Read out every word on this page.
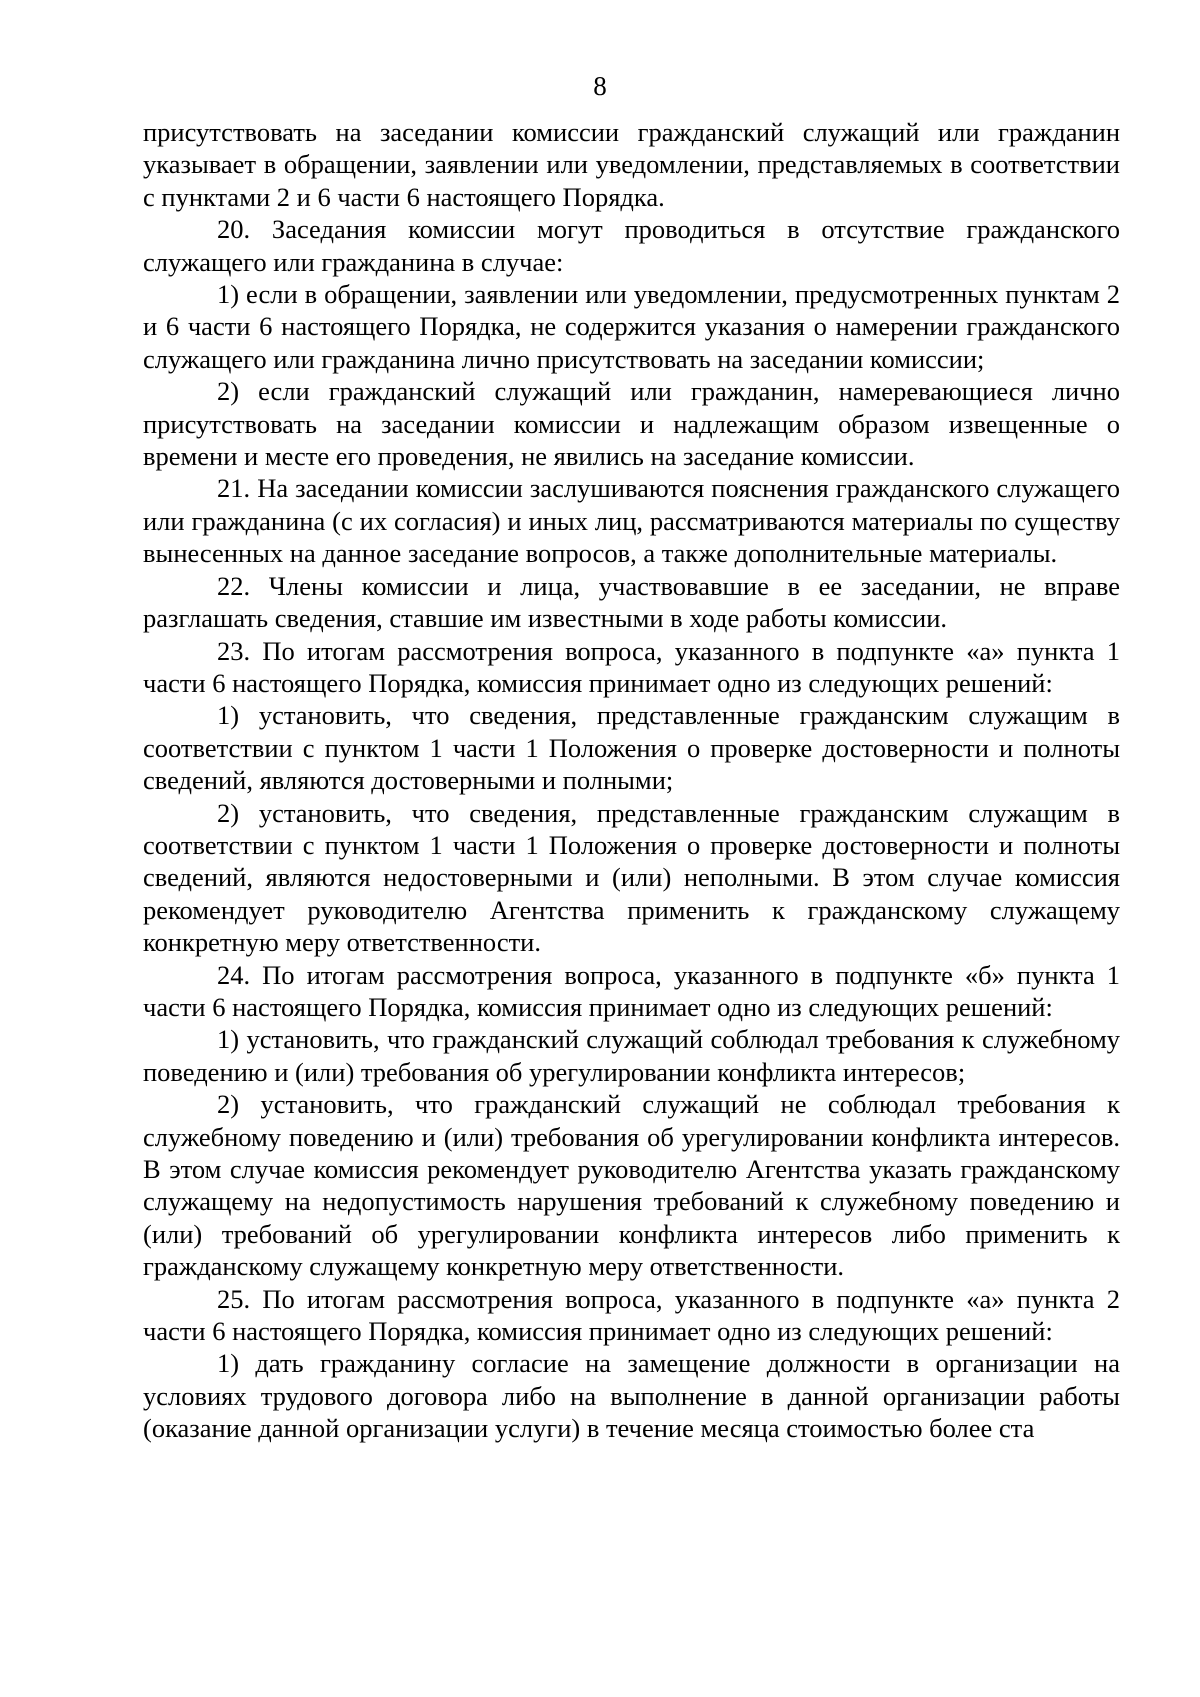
8

присутствовать на заседании комиссии гражданский служащий или гражданин указывает в обращении, заявлении или уведомлении, представляемых в соответствии с пунктами 2 и 6 части 6 настоящего Порядка.

20. Заседания комиссии могут проводиться в отсутствие гражданского служащего или гражданина в случае:

1) если в обращении, заявлении или уведомлении, предусмотренных пунктам 2 и 6 части 6 настоящего Порядка, не содержится указания о намерении гражданского служащего или гражданина лично присутствовать на заседании комиссии;

2) если гражданский служащий или гражданин, намеревающиеся лично присутствовать на заседании комиссии и надлежащим образом извещенные о времени и месте его проведения, не явились на заседание комиссии.

21. На заседании комиссии заслушиваются пояснения гражданского служащего или гражданина (с их согласия) и иных лиц, рассматриваются материалы по существу вынесенных на данное заседание вопросов, а также дополнительные материалы.

22. Члены комиссии и лица, участвовавшие в ее заседании, не вправе разглашать сведения, ставшие им известными в ходе работы комиссии.

23. По итогам рассмотрения вопроса, указанного в подпункте «а» пункта 1 части 6 настоящего Порядка, комиссия принимает одно из следующих решений:

1) установить, что сведения, представленные гражданским служащим в соответствии с пунктом 1 части 1 Положения о проверке достоверности и полноты сведений, являются достоверными и полными;

2) установить, что сведения, представленные гражданским служащим в соответствии с пунктом 1 части 1 Положения о проверке достоверности и полноты сведений, являются недостоверными и (или) неполными. В этом случае комиссия рекомендует руководителю Агентства применить к гражданскому служащему конкретную меру ответственности.

24. По итогам рассмотрения вопроса, указанного в подпункте «б» пункта 1 части 6 настоящего Порядка, комиссия принимает одно из следующих решений:

1) установить, что гражданский служащий соблюдал требования к служебному поведению и (или) требования об урегулировании конфликта интересов;

2) установить, что гражданский служащий не соблюдал требования к служебному поведению и (или) требования об урегулировании конфликта интересов. В этом случае комиссия рекомендует руководителю Агентства указать гражданскому служащему на недопустимость нарушения требований к служебному поведению и (или) требований об урегулировании конфликта интересов либо применить к гражданскому служащему конкретную меру ответственности.

25. По итогам рассмотрения вопроса, указанного в подпункте «а» пункта 2 части 6 настоящего Порядка, комиссия принимает одно из следующих решений:

1) дать гражданину согласие на замещение должности в организации на условиях трудового договора либо на выполнение в данной организации работы (оказание данной организации услуги) в течение месяца стоимостью более ста
